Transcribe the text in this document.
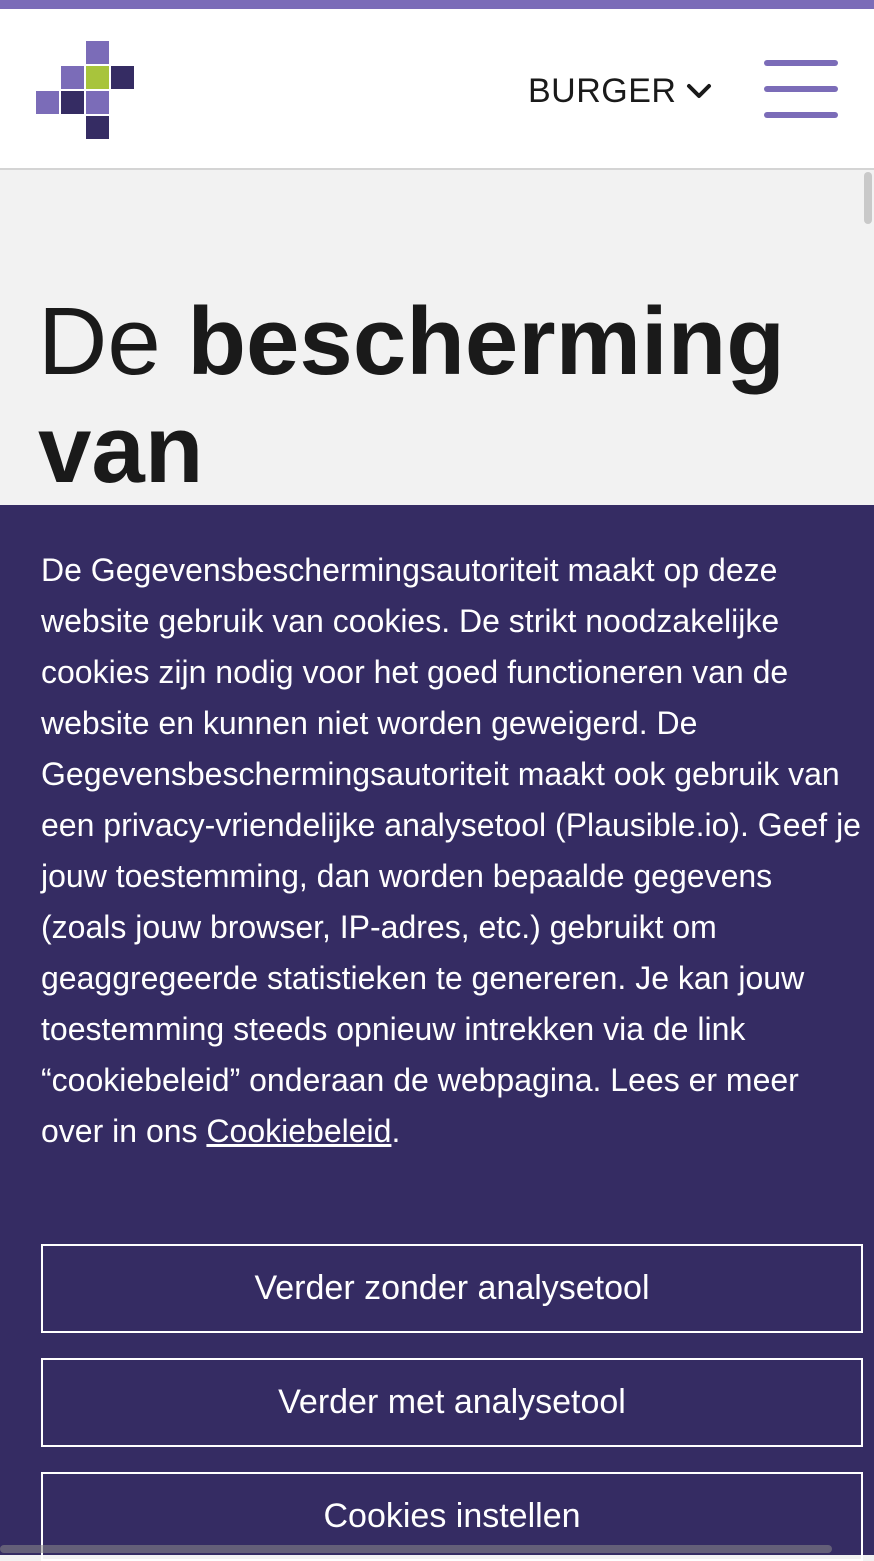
BURGER
De bescherming
van

De Gegevensbeschermingsautoriteit maakt op deze website gebruik van cookies. De strikt noodzakelijke cookies zijn nodig voor het goed functioneren van de website en kunnen niet worden geweigerd. De Gegevensbeschermingsautoriteit maakt ook gebruik van een privacy-vriendelijke analysetool (Plausible.io). Geef je jouw toestemming, dan worden bepaalde gegevens (zoals jouw browser, IP-adres, etc.) gebruikt om geaggregeerde statistieken te genereren. Je kan jouw toestemming steeds opnieuw intrekken via de link “cookiebeleid” onderaan de webpagina. Lees er meer over in ons Cookiebeleid.

Verder zonder analysetool
Verder met analysetool
Cookies instellen
